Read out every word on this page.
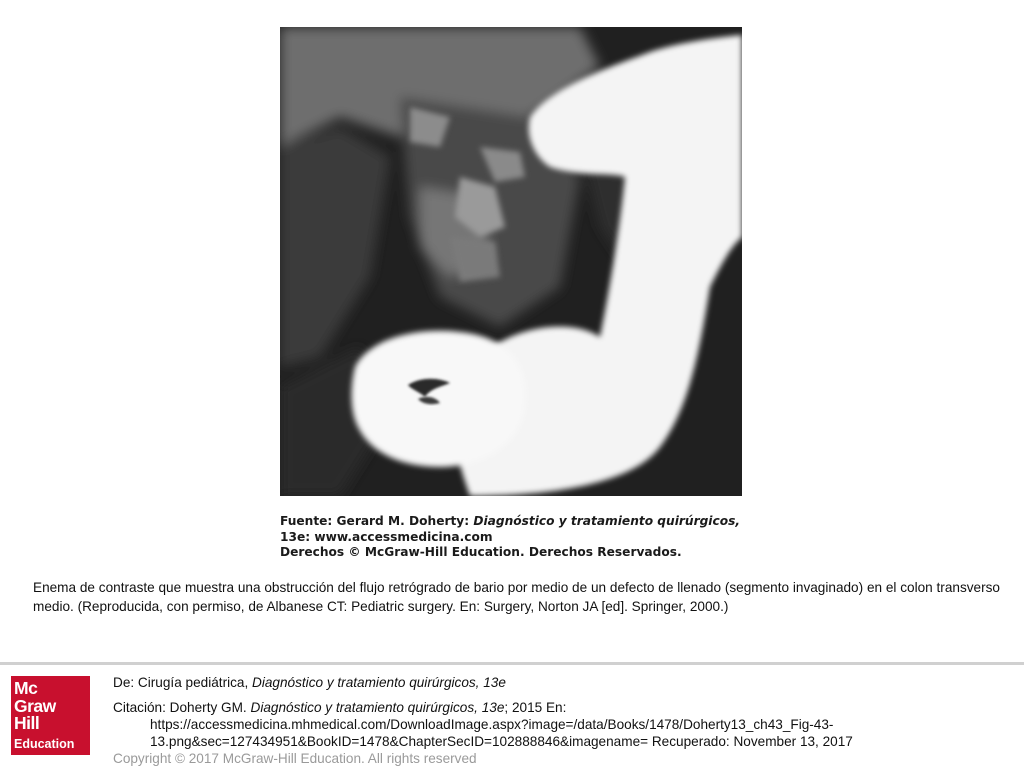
Fuente: Gerard M. Doherty: Diagnóstico y tratamiento quirúrgicos,
13e: www.accessmedicina.com
Derechos © McGraw-Hill Education. Derechos Reservados.
Enema de contraste que muestra una obstrucción del flujo retrógrado de bario por medio de un defecto de llenado (segmento invaginado) en el colon transverso medio. (Reproducida, con permiso, de Albanese CT: Pediatric surgery. En: Surgery, Norton JA [ed]. Springer, 2000.)
Mc
Graw
Hill
Education
De: Cirugía pediátrica, Diagnóstico y tratamiento quirúrgicos, 13e
Citación: Doherty GM. Diagnóstico y tratamiento quirúrgicos, 13e; 2015 En:
https://accessmedicina.mhmedical.com/DownloadImage.aspx?image=/data/Books/1478/Doherty13_ch43_Fig-43-
13.png&sec=127434951&BookID=1478&ChapterSecID=102888846&imagename= Recuperado: November 13, 2017
Copyright © 2017 McGraw-Hill Education. All rights reserved
